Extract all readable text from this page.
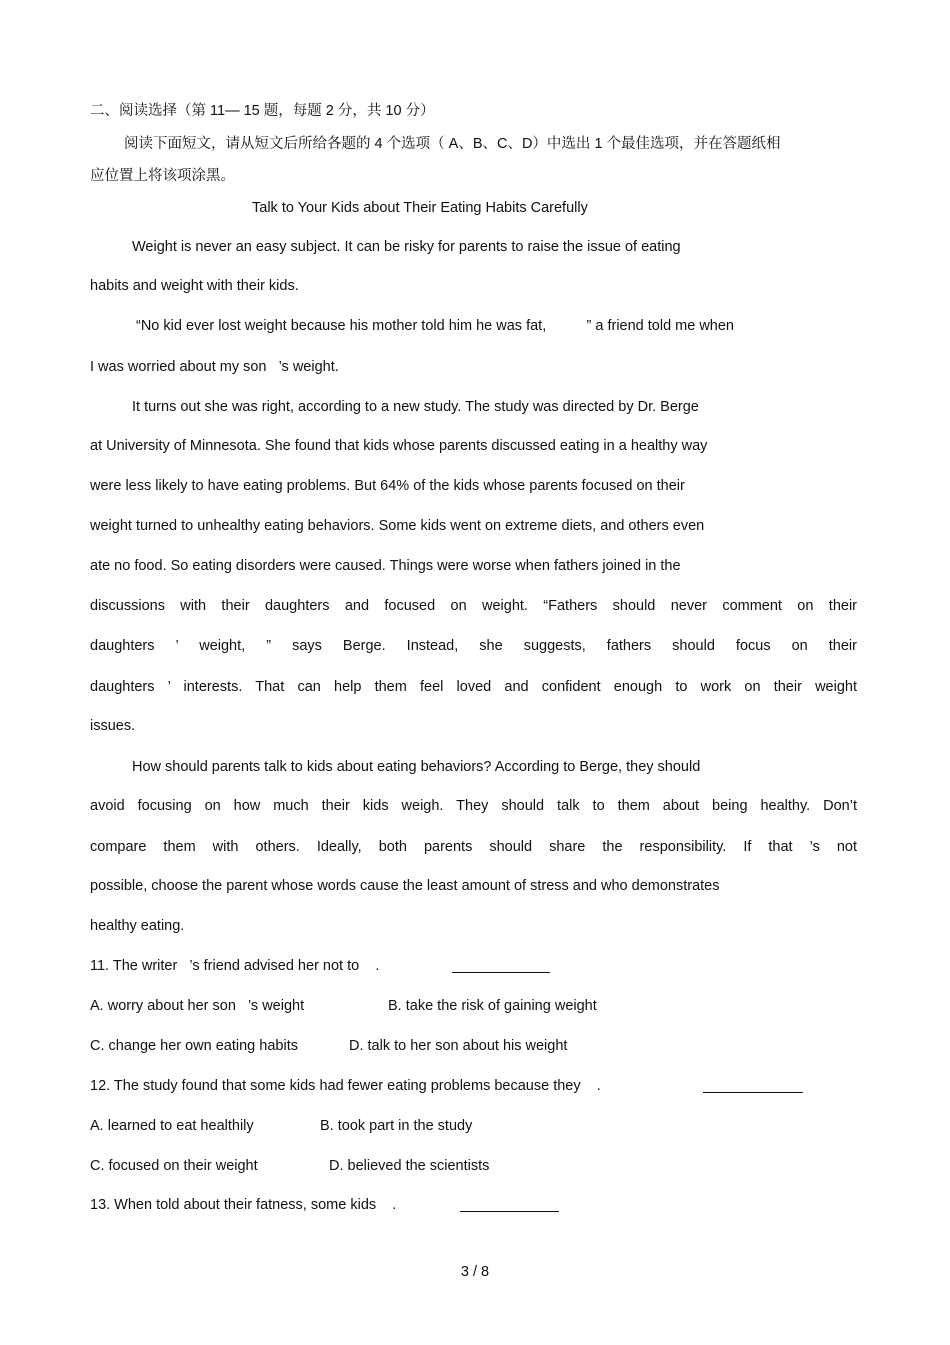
二、阅读选择（第 11— 15 题，每题 2 分，共 10 分）
阅读下面短文，请从短文后所给各题的 4 个选项（ A、B、C、D）中选出 1 个最佳选项，并在答题纸相
应位置上将该项涂黑。
Talk to Your Kids about Their Eating Habits Carefully
Weight is never an easy subject. It can be risky for parents to raise the issue of eating
habits and weight with their kids.
“No kid ever lost weight because his mother told him he was fat,          ” a friend told me when
I was worried about my son   ’s weight.
It turns out she was right, according to a new study. The study was directed by Dr. Berge
at University of Minnesota. She found that kids whose parents discussed eating in a healthy way
were less likely to have eating problems. But 64% of the kids whose parents focused on their
weight turned to unhealthy eating behaviors. Some kids went on extreme diets, and others even
ate no food. So eating disorders were caused. Things were worse when fathers joined in the
discussions with their daughters and focused on weight. “Fathers should never comment on their
daughters ’ weight, ” says Berge. Instead, she suggests, fathers should focus on their
daughters ’ interests. That can help them feel loved and confident enough to work on their weight
issues.
How should parents talk to kids about eating behaviors? According to Berge, they should
avoid focusing on how much their kids weigh. They should talk to them about being healthy. Don’t
compare them with others. Ideally, both parents should share the responsibility. If that ’s not
possible, choose the parent whose words cause the least amount of stress and who demonstrates
healthy eating.
11. The writer   ’s friend advised her not to    .
A. worry about her son   ’s weight	B. take the risk of gaining weight
C. change her own eating habits	D. talk to her son about his weight
12. The study found that some kids had fewer eating problems because they    .
A. learned to eat healthily	B. took part in the study
C. focused on their weight	D. believed the scientists
13. When told about their fatness, some kids    .
3 / 8
